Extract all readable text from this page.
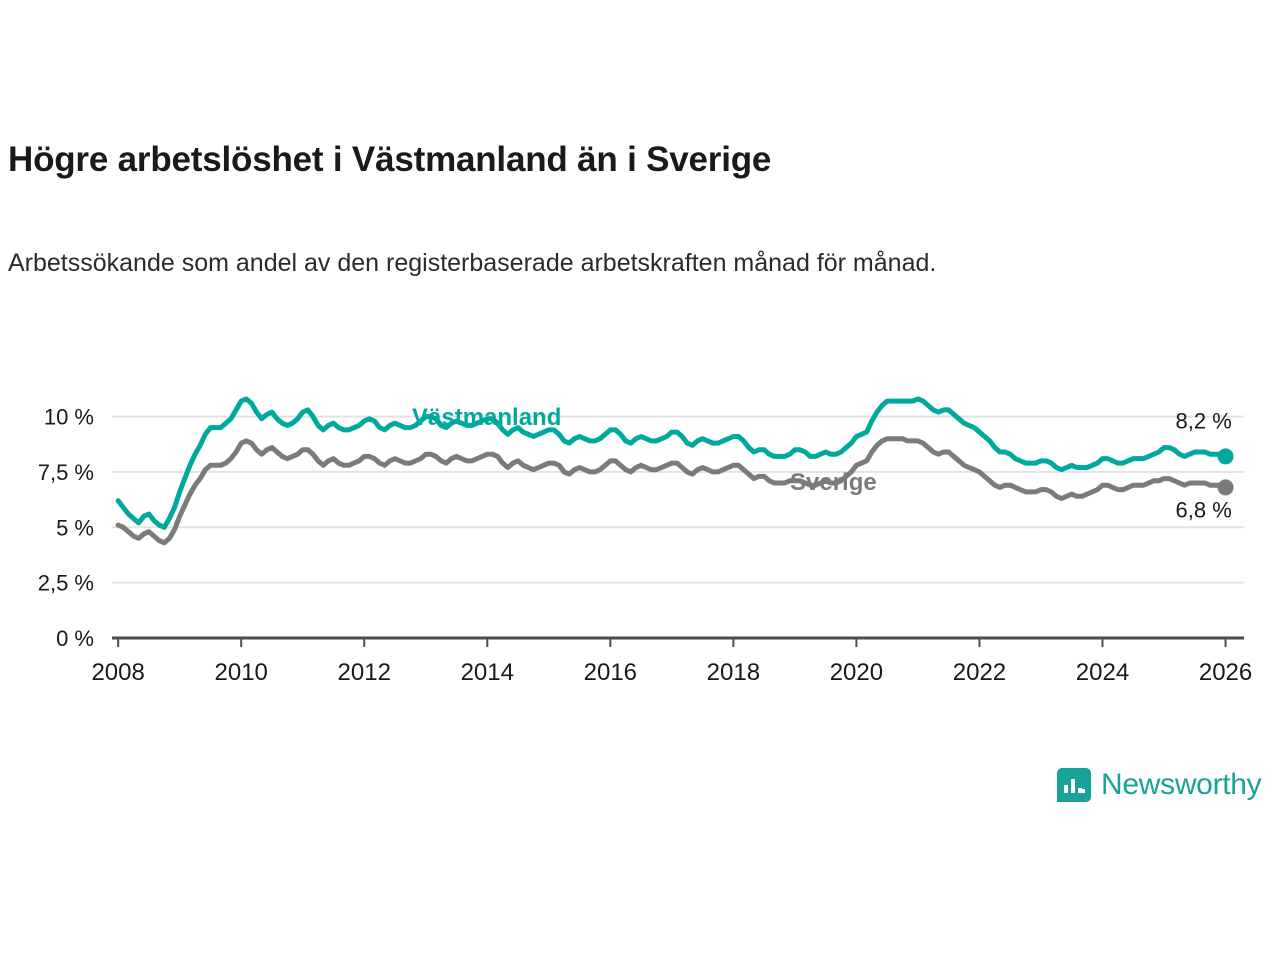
Högre arbetslöshet i Västmanland än i Sverige
Arbetssökande som andel av den registerbaserade arbetskraften månad för månad.
0 %
2,5 %
5 %
7,5 %
10 %
2008	2010	2012	2014	2016	2018	2020	2022	2024	2026
Västmanland
Sverige
8,2 %
6,8 %
Newsworthy
